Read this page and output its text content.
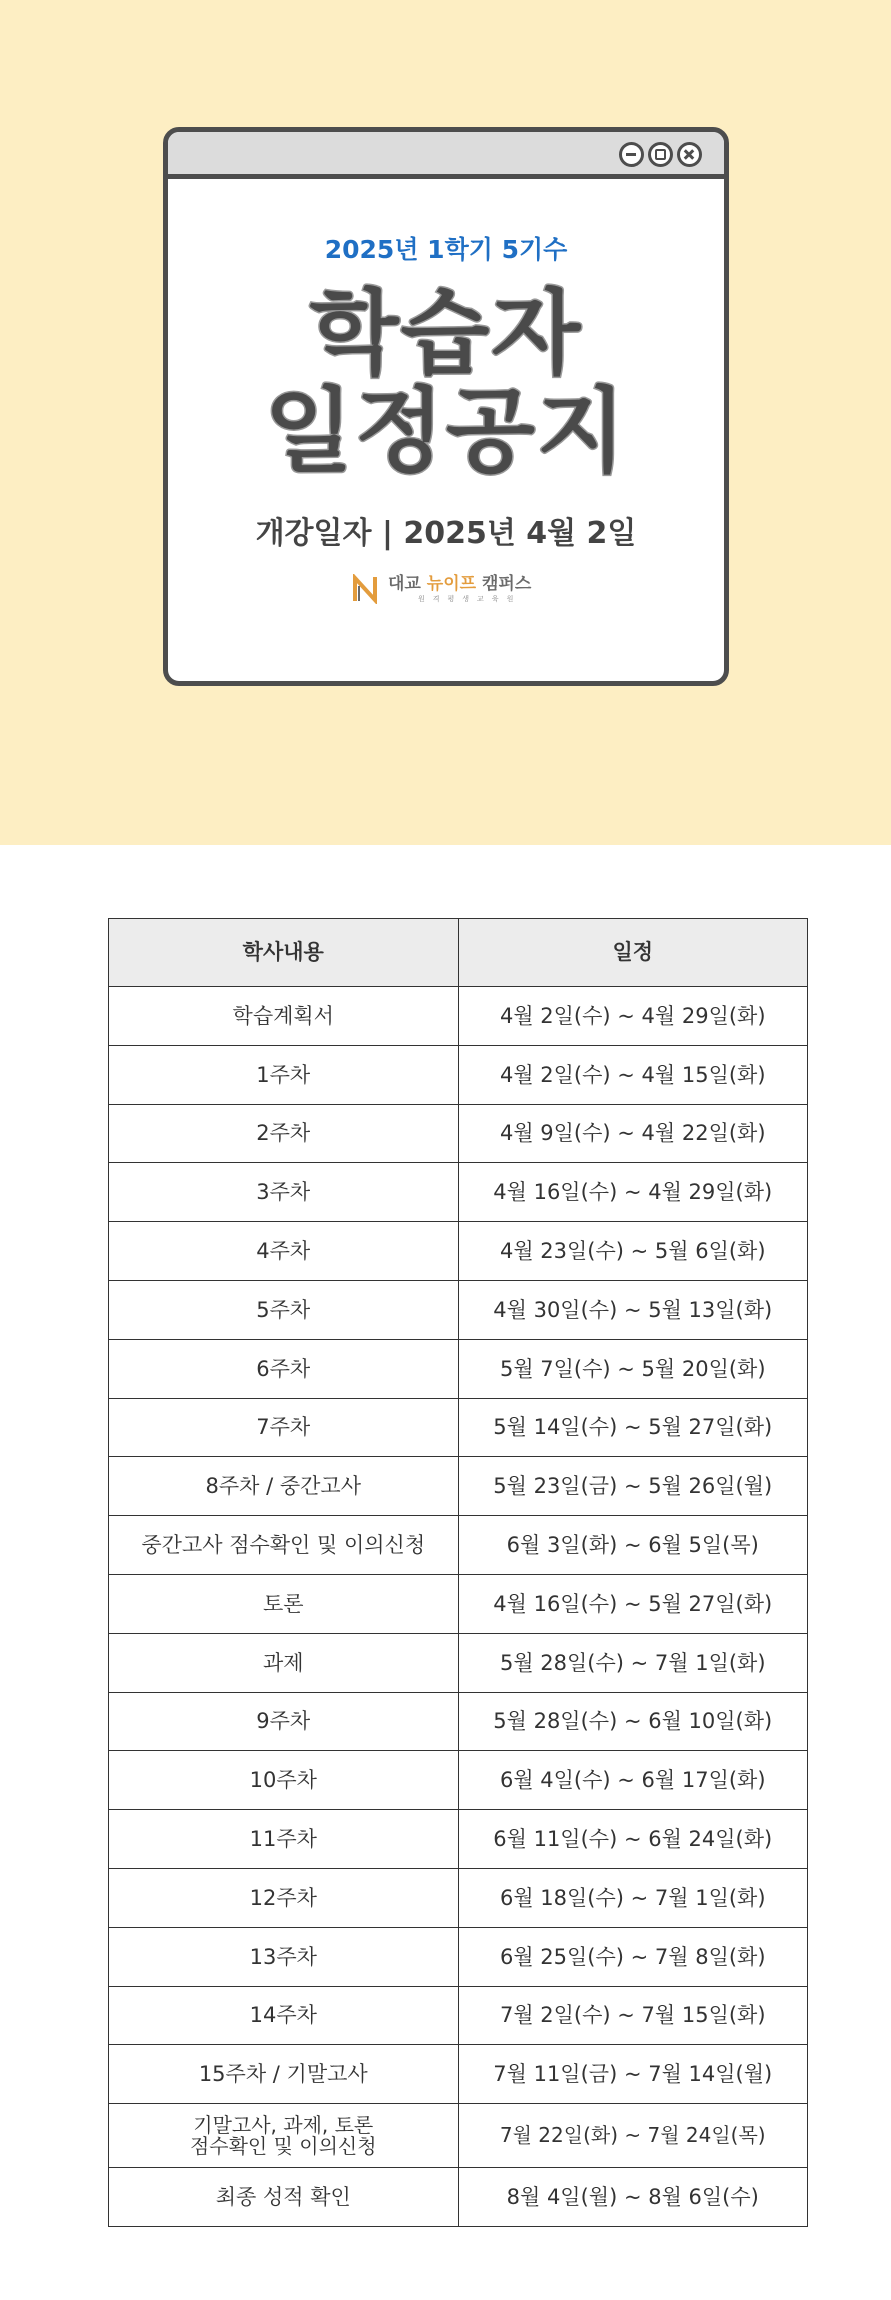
2025년 1학기 5기수
학습자
일정공지
개강일자 | 2025년 4월 2일
대교 뉴이프 캠퍼스
원격평생교육원
학사내용	일정
학습계획서	4월 2일(수) ~ 4월 29일(화)
1주차	4월 2일(수) ~ 4월 15일(화)
2주차	4월 9일(수) ~ 4월 22일(화)
3주차	4월 16일(수) ~ 4월 29일(화)
4주차	4월 23일(수) ~ 5월 6일(화)
5주차	4월 30일(수) ~ 5월 13일(화)
6주차	5월 7일(수) ~ 5월 20일(화)
7주차	5월 14일(수) ~ 5월 27일(화)
8주차 / 중간고사	5월 23일(금) ~ 5월 26일(월)
중간고사 점수확인 및 이의신청	6월 3일(화) ~ 6월 5일(목)
토론	4월 16일(수) ~ 5월 27일(화)
과제	5월 28일(수) ~ 7월 1일(화)
9주차	5월 28일(수) ~ 6월 10일(화)
10주차	6월 4일(수) ~ 6월 17일(화)
11주차	6월 11일(수) ~ 6월 24일(화)
12주차	6월 18일(수) ~ 7월 1일(화)
13주차	6월 25일(수) ~ 7월 8일(화)
14주차	7월 2일(수) ~ 7월 15일(화)
15주차 / 기말고사	7월 11일(금) ~ 7월 14일(월)

기말고사, 과제, 토론
점수확인 및 이의신청	7월 22일(화) ~ 7월 24일(목)
최종 성적 확인	8월 4일(월) ~ 8월 6일(수)
